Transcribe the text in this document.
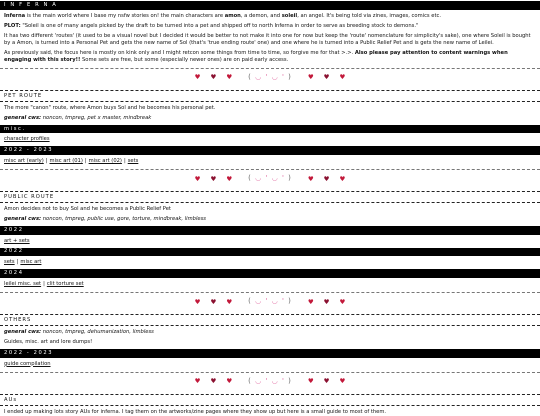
I N F E R N A
Inferna is the main world where I base my nsfw stories on! the main characters are amon, a demon, and soleil, an angel. It's being told via zines, images, comics etc.
PLOT: "Soleil is one of many angels picked by the draft to be turned into a pet and shipped off to north Inferna in order to serve as breeding stock to demons."
It has two different 'routes' (it used to be a visual novel but I decided it would be better to not make it into one for now but keep the 'route' nomenclature for simplicity's sake), one where Soleil is bought by a Amon, is turned into a Personal Pet and gets the new name of Sol (that's 'true ending route' one) and one where he is turned into a Public Relief Pet and is gets the new name of Leilei.
As previously said, the focus here is mostly on kink only and I might retcon some things from time to time, so forgive me for that >.>. Also please pay attention to content warnings when engaging with this story!! Some sets are free, but some (especially newer ones) are on paid early access.
♥ ♥ ♥ ( ◡ ' ◡ ' ) ♥ ♥ ♥
PET ROUTE
The more "canon" route, where Amon buys Sol and he becomes his personal pet.
general cws: noncon, tmpreg, pet x master, mindbreak
misc.
character profiles
2022 - 2023
misc art (early) | misc art (01) | misc art (02) | sets
♥ ♥ ♥ ( ◡ ' ◡ ' ) ♥ ♥ ♥
PUBLIC ROUTE
Amon decides not to buy Sol and he becomes a Public Relief Pet
general cws: noncon, tmpreg, public use, gore, torture, mindbreak, limbless
2022
art + sets
2022
sets | misc art
2024
leilei misc. set | clit torture set
♥ ♥ ♥ ( ◡ ' ◡ ' ) ♥ ♥ ♥
OTHERS
general cws: noncon, tmpreg, dehumanization, limbless
Guides, misc. art and lore dumps!
2022 - 2023
guide compilation
♥ ♥ ♥ ( ◡ ' ◡ ' ) ♥ ♥ ♥
AUs
I ended up making lots story AUs for inferna. I tag them on the artworks/zine pages where they show up but here is a small guide to most of them.
